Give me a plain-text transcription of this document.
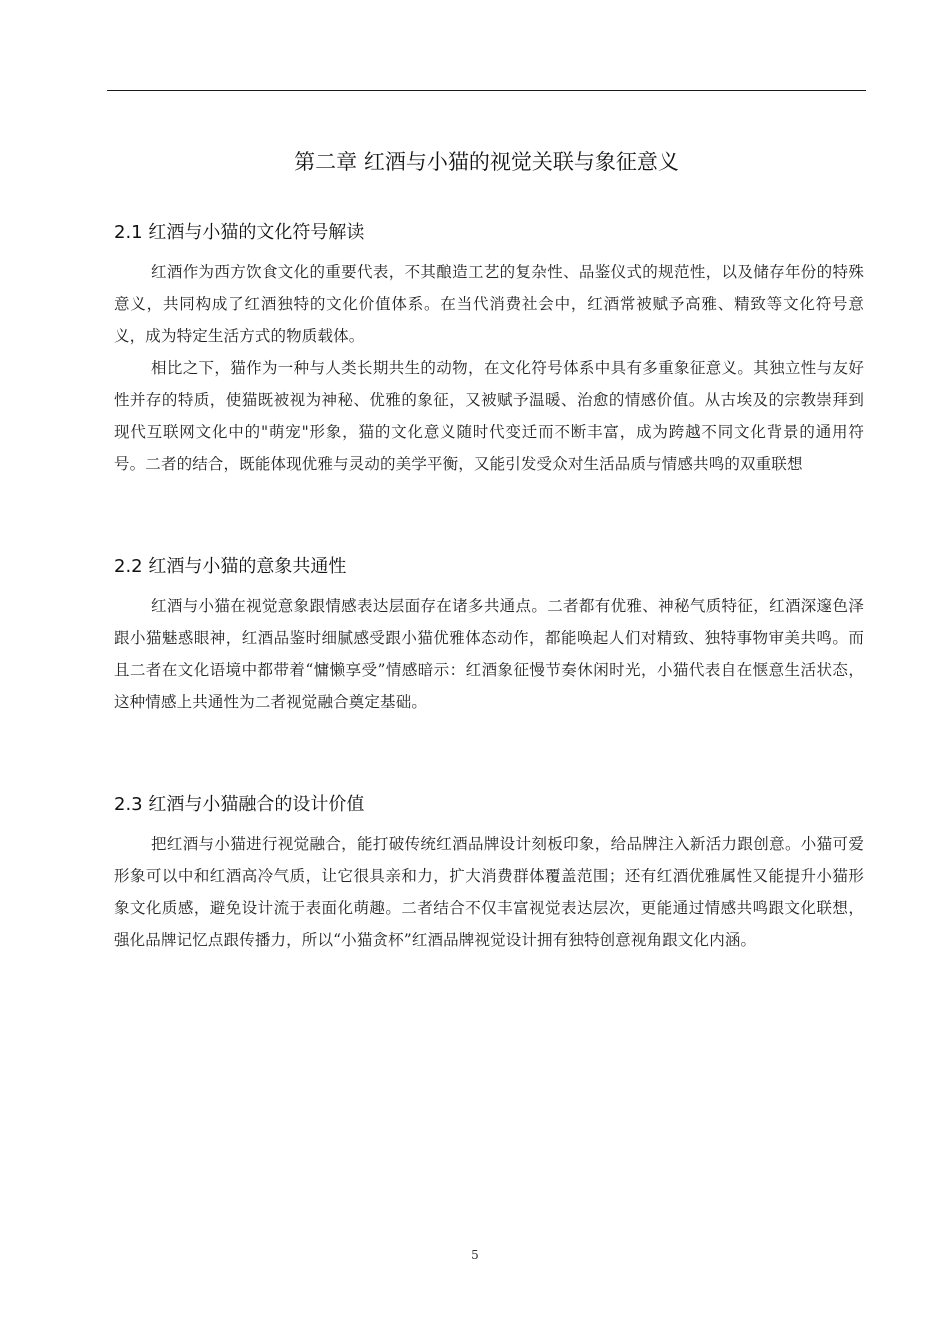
第二章 红酒与小猫的视觉关联与象征意义
2.1 红酒与小猫的文化符号解读

红酒作为西方饮食文化的重要代表，不其酿造工艺的复杂性、品鉴仪式的规范性，以及储存年份的特殊意义，共同构成了红酒独特的文化价值体系。在当代消费社会中，红酒常被赋予高雅、精致等文化符号意义，成为特定生活方式的物质载体。

相比之下，猫作为一种与人类长期共生的动物，在文化符号体系中具有多重象征意义。其独立性与友好性并存的特质，使猫既被视为神秘、优雅的象征，又被赋予温暖、治愈的情感价值。从古埃及的宗教崇拜到现代互联网文化中的"萌宠"形象，猫的文化意义随时代变迁而不断丰富，成为跨越不同文化背景的通用符号。二者的结合，既能体现优雅与灵动的美学平衡，又能引发受众对生活品质与情感共鸣的双重联想

2.2 红酒与小猫的意象共通性

红酒与小猫在视觉意象跟情感表达层面存在诸多共通点。二者都有优雅、神秘气质特征，红酒深邃色泽跟小猫魅惑眼神，红酒品鉴时细腻感受跟小猫优雅体态动作，都能唤起人们对精致、独特事物审美共鸣。而且二者在文化语境中都带着“慵懒享受”情感暗示：红酒象征慢节奏休闲时光，小猫代表自在惬意生活状态，这种情感上共通性为二者视觉融合奠定基础。

2.3 红酒与小猫融合的设计价值

把红酒与小猫进行视觉融合，能打破传统红酒品牌设计刻板印象，给品牌注入新活力跟创意。小猫可爱形象可以中和红酒高冷气质，让它很具亲和力，扩大消费群体覆盖范围；还有红酒优雅属性又能提升小猫形象文化质感，避免设计流于表面化萌趣。二者结合不仅丰富视觉表达层次，更能通过情感共鸣跟文化联想，强化品牌记忆点跟传播力，所以“小猫贪杯”红酒品牌视觉设计拥有独特创意视角跟文化内涵。

5
